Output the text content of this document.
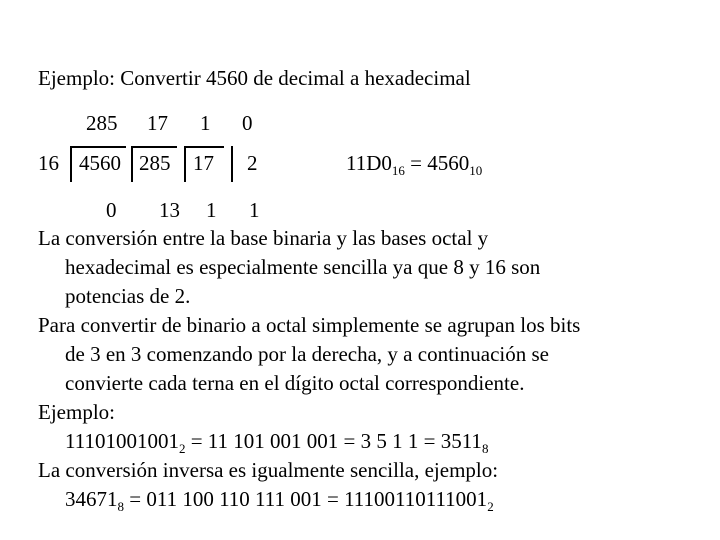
Ejemplo: Convertir 4560 de decimal a hexadecimal
285 17 1 0
16 4560 285 17 2
0 13 1 1
$11D0_{16} = 4560_{10}$
La conversión entre la base binaria y las bases octal y
hexadecimal es especialmente sencilla ya que 8 y 16 son
potencias de 2.
Para convertir de binario a octal simplemente se agrupan los bits
de 3 en 3 comenzando por la derecha, y a continuación se
convierte cada terna en el dígito octal correspondiente.
Ejemplo:
$11101001001_2 = 11$ 101 001 001 = 3 5 1 $1 = 3511_8$
La conversión inversa es igualmente sencilla, ejemplo:
$34671_8 = 011$ 100 110 111 $001 = 11100110111001_2$
